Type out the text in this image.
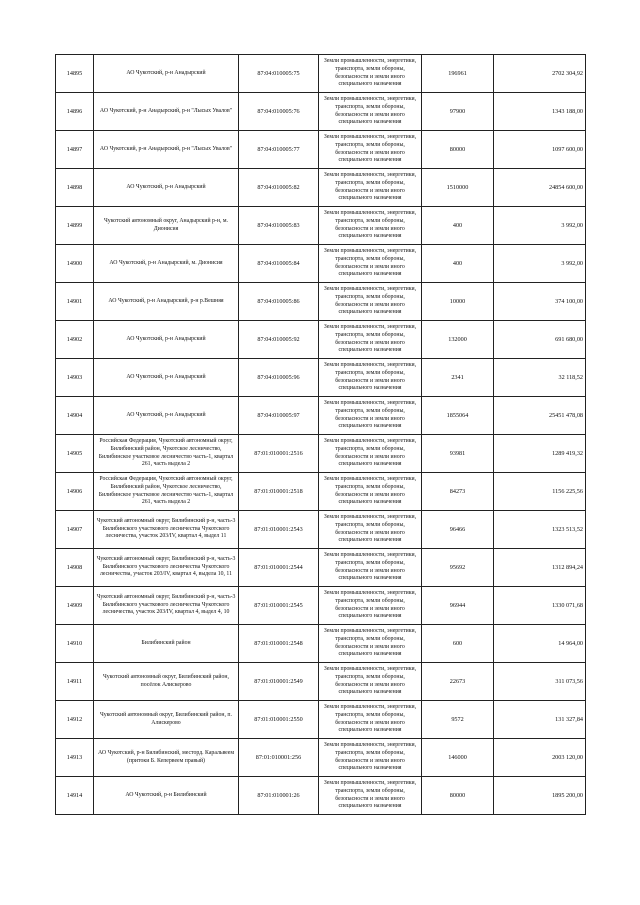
14895	АО Чукотский, р-н Анадырский	87:04:010005:75	Земли промышленности, энергетики, транспорта, земли обороны, безопасности и земли иного специального назначения	196961	2702 304,92
14896	АО Чукотский, р-н Анадырский, р-н "Лысых Увалов"	87:04:010005:76	Земли промышленности, энергетики, транспорта, земли обороны, безопасности и земли иного специального назначения	97900	1343 188,00
14897	АО Чукотский, р-н Анадырский, р-н "Лысых Увалов"	87:04:010005:77	Земли промышленности, энергетики, транспорта, земли обороны, безопасности и земли иного специального назначения	80000	1097 600,00
14898	АО Чукотский, р-н Анадырский	87:04:010005:82	Земли промышленности, энергетики, транспорта, земли обороны, безопасности и земли иного специального назначения	1510000	24854 600,00
14899	Чукотский автономный округ, Анадырский р-н, м. Дионисия	87:04:010005:83	Земли промышленности, энергетики, транспорта, земли обороны, безопасности и земли иного специального назначения	400	3 992,00
14900	АО Чукотский, р-н Анадырский, м. Дионисия	87:04:010005:84	Земли промышленности, энергетики, транспорта, земли обороны, безопасности и земли иного специального назначения	400	3 992,00
14901	АО Чукотский, р-н Анадырский, р-н р.Вешняя	87:04:010005:86	Земли промышленности, энергетики, транспорта, земли обороны, безопасности и земли иного специального назначения	10000	374 100,00
14902	АО Чукотский, р-н Анадырский	87:04:010005:92	Земли промышленности, энергетики, транспорта, земли обороны, безопасности и земли иного специального назначения	132000	691 680,00
14903	АО Чукотский, р-н Анадырский	87:04:010005:96	Земли промышленности, энергетики, транспорта, земли обороны, безопасности и земли иного специального назначения	2341	32 118,52
14904	АО Чукотский, р-н Анадырский	87:04:010005:97	Земли промышленности, энергетики, транспорта, земли обороны, безопасности и земли иного специального назначения	1855064	25451 478,08
14905	Российская Федерация, Чукотский автономный округ, Билибинский район, Чукотское лесничество, Билибинское участковое лесничество часть-1, квартал 261, часть выдела 2	87:01:010001:2516	Земли промышленности, энергетики, транспорта, земли обороны, безопасности и земли иного специального назначения	93981	1289 419,32
14906	Российская Федерация, Чукотский автономный округ, Билибинский район, Чукотское лесничество, Билибинское участковое лесничество часть-1, квартал 261, часть выдела 2	87:01:010001:2518	Земли промышленности, энергетики, транспорта, земли обороны, безопасности и земли иного специального назначения	84273	1156 225,56
14907	Чукотский автономный округ, Билибинский р-н, часть-3 Билибинского участкового лесничества Чукотского лесничества, участок 203/IV, квартал 4, выдел 11	87:01:010001:2543	Земли промышленности, энергетики, транспорта, земли обороны, безопасности и земли иного специального назначения	96466	1323 513,52
14908	Чукотский автономный округ, Билибинский р-н, часть-3 Билибинского участкового лесничества Чукотского лесничества, участок 203/IV, квартал 4, выдела 10, 11	87:01:010001:2544	Земли промышленности, энергетики, транспорта, земли обороны, безопасности и земли иного специального назначения	95692	1312 894,24
14909	Чукотский автономный округ, Билибинский р-н, часть-3 Билибинского участкового лесничества Чукотского лесничества, участок 203/IV, квартал 4, выдел 4, 10	87:01:010001:2545	Земли промышленности, энергетики, транспорта, земли обороны, безопасности и земли иного специального назначения	96944	1330 071,68
14910	Билибинский район	87:01:010001:2548	Земли промышленности, энергетики, транспорта, земли обороны, безопасности и земли иного специального назначения	600	14 964,00
14911	Чукотский автономный округ, Билибинский район, посёлок Алискерово	87:01:010001:2549	Земли промышленности, энергетики, транспорта, земли обороны, безопасности и земли иного специального назначения	22673	311 073,56
14912	Чукотский автономный округ, Билибинский район, п. Алискерово	87:01:010001:2550	Земли промышленности, энергетики, транспорта, земли обороны, безопасности и земли иного специального назначения	9572	131 327,84
14913	АО Чукотский, р-н Билибинский, месторд. Каральвеем (притоки Б. Кепервеем правый)	87:01:010001:256	Земли промышленности, энергетики, транспорта, земли обороны, безопасности и земли иного специального назначения	146000	2003 120,00
14914	АО Чукотский, р-н Билибинский	87:01:010001:26	Земли промышленности, энергетики, транспорта, земли обороны, безопасности и земли иного специального назначения	80000	1895 200,00
